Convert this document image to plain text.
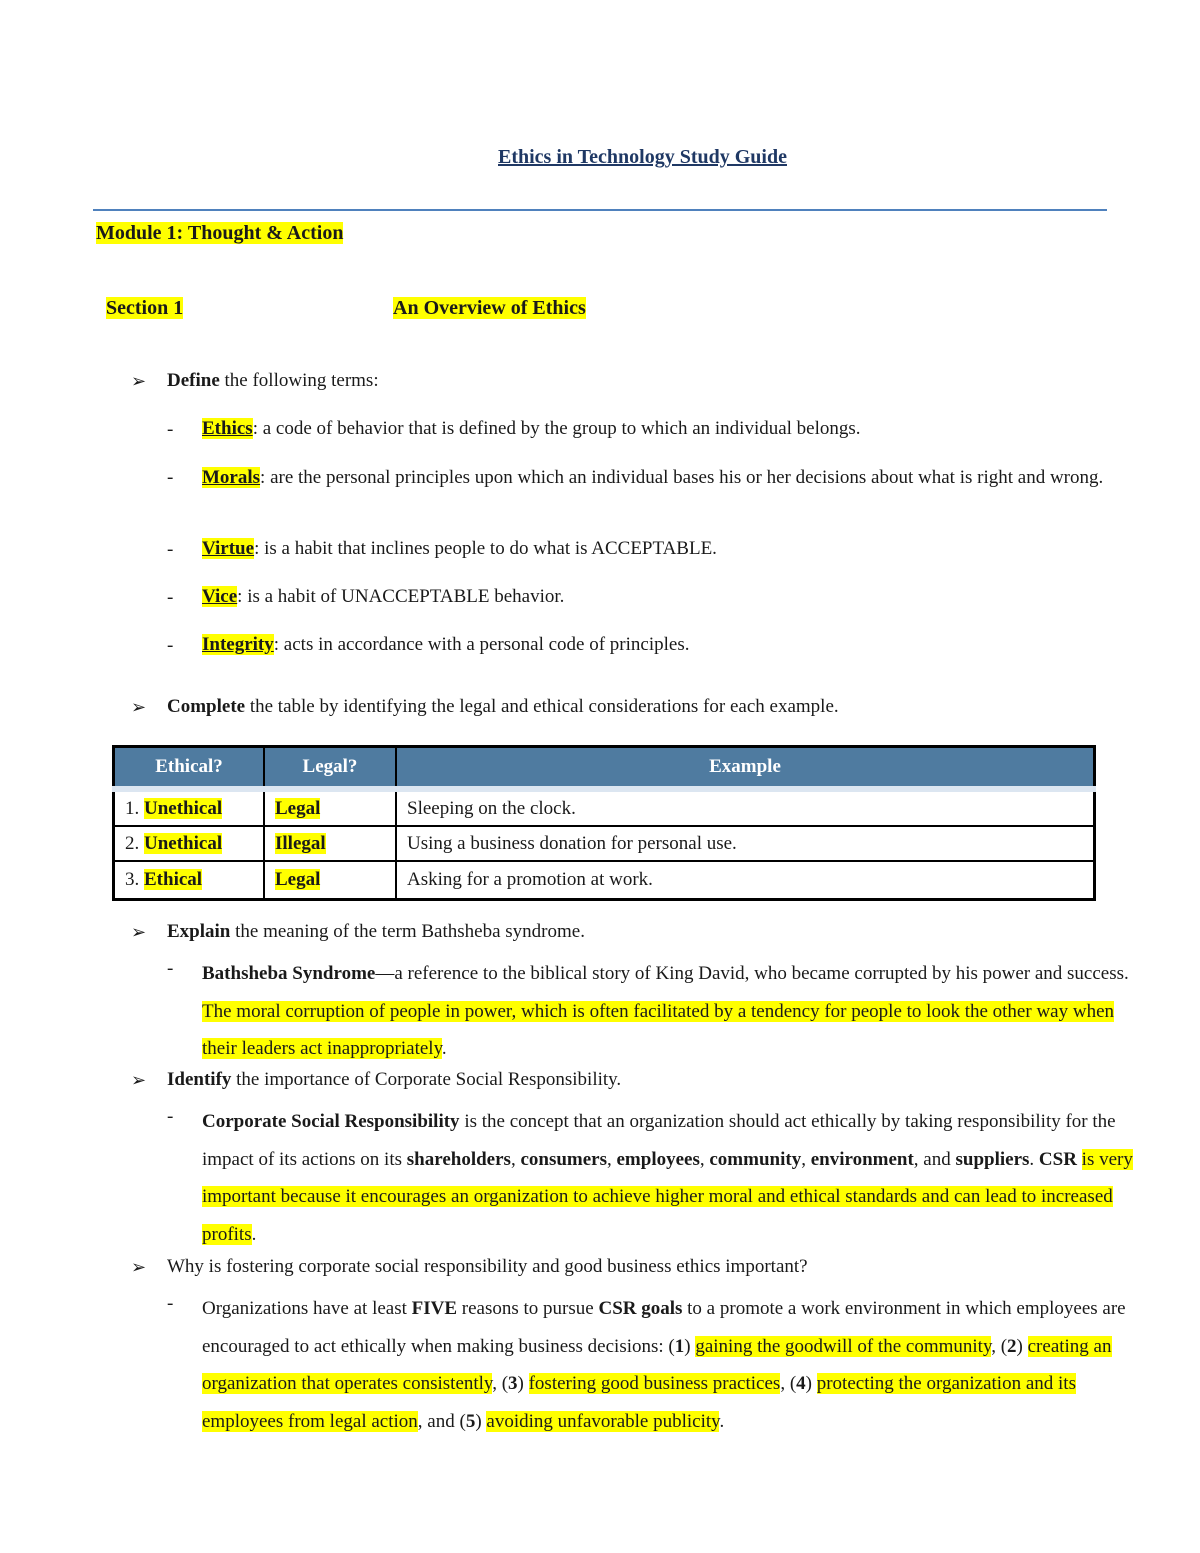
Ethics in Technology Study Guide
Module 1: Thought & Action
Section 1	An Overview of Ethics
➢ Define the following terms:
- Ethics: a code of behavior that is defined by the group to which an individual belongs.
- Morals: are the personal principles upon which an individual bases his or her decisions about what is right and wrong.
- Virtue: is a habit that inclines people to do what is ACCEPTABLE.
- Vice: is a habit of UNACCEPTABLE behavior.
- Integrity: acts in accordance with a personal code of principles.
➢ Complete the table by identifying the legal and ethical considerations for each example.
Ethical?	Legal?	Example
1. Unethical	Legal	Sleeping on the clock.
2. Unethical	Illegal	Using a business donation for personal use.
3. Ethical	Legal	Asking for a promotion at work.
➢ Explain the meaning of the term Bathsheba syndrome.
- Bathsheba Syndrome—a reference to the biblical story of King David, who became corrupted by his power and success. The moral corruption of people in power, which is often facilitated by a tendency for people to look the other way when their leaders act inappropriately.
➢ Identify the importance of Corporate Social Responsibility.
- Corporate Social Responsibility is the concept that an organization should act ethically by taking responsibility for the impact of its actions on its shareholders, consumers, employees, community, environment, and suppliers. CSR is very important because it encourages an organization to achieve higher moral and ethical standards and can lead to increased profits.
➢ Why is fostering corporate social responsibility and good business ethics important?
- Organizations have at least FIVE reasons to pursue CSR goals to a promote a work environment in which employees are encouraged to act ethically when making business decisions: (1) gaining the goodwill of the community, (2) creating an organization that operates consistently, (3) fostering good business practices, (4) protecting the organization and its employees from legal action, and (5) avoiding unfavorable publicity.
